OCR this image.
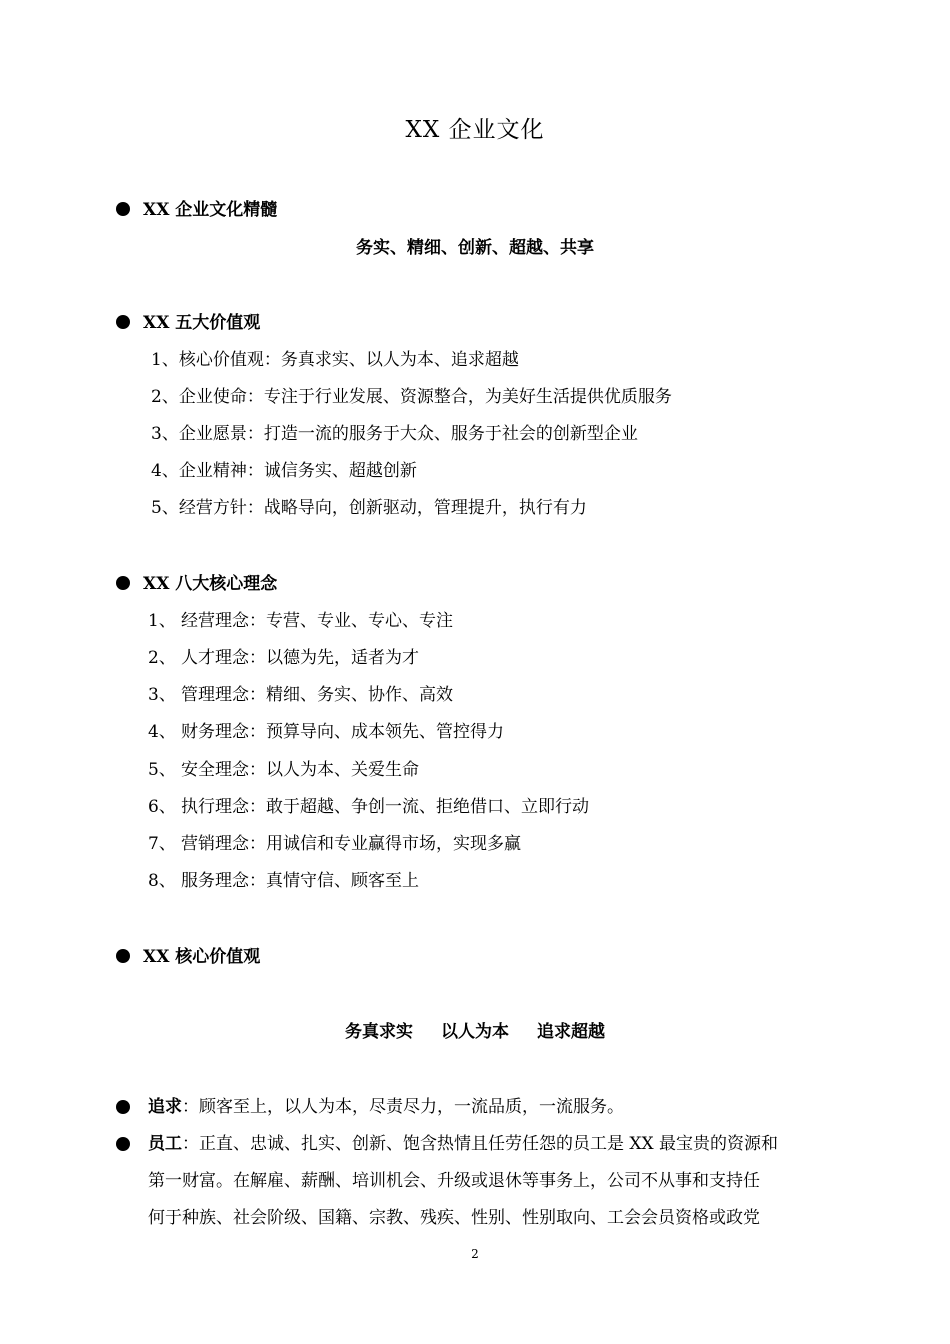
XX 企业文化
XX 企业文化精髓
务实、精细、创新、超越、共享
XX 五大价值观
1、核心价值观：务真求实、以人为本、追求超越
2、企业使命：专注于行业发展、资源整合，为美好生活提供优质服务
3、企业愿景：打造一流的服务于大众、服务于社会的创新型企业
4、企业精神：诚信务实、超越创新
5、经营方针：战略导向，创新驱动，管理提升，执行有力
XX 八大核心理念
1、 经营理念：专营、专业、专心、专注
2、 人才理念：以德为先，适者为才
3、 管理理念：精细、务实、协作、高效
4、 财务理念：预算导向、成本领先、管控得力
5、 安全理念：以人为本、关爱生命
6、 执行理念：敢于超越、争创一流、拒绝借口、立即行动
7、 营销理念：用诚信和专业赢得市场，实现多赢
8、 服务理念：真情守信、顾客至上
XX 核心价值观
务真求实 以人为本 追求超越
追求：顾客至上，以人为本，尽责尽力，一流品质，一流服务。
员工：正直、忠诚、扎实、创新、饱含热情且任劳任怨的员工是 XX 最宝贵的资源和
第一财富。在解雇、薪酬、培训机会、升级或退休等事务上，公司不从事和支持任
何于种族、社会阶级、国籍、宗教、残疾、性别、性别取向、工会会员资格或政党
2
